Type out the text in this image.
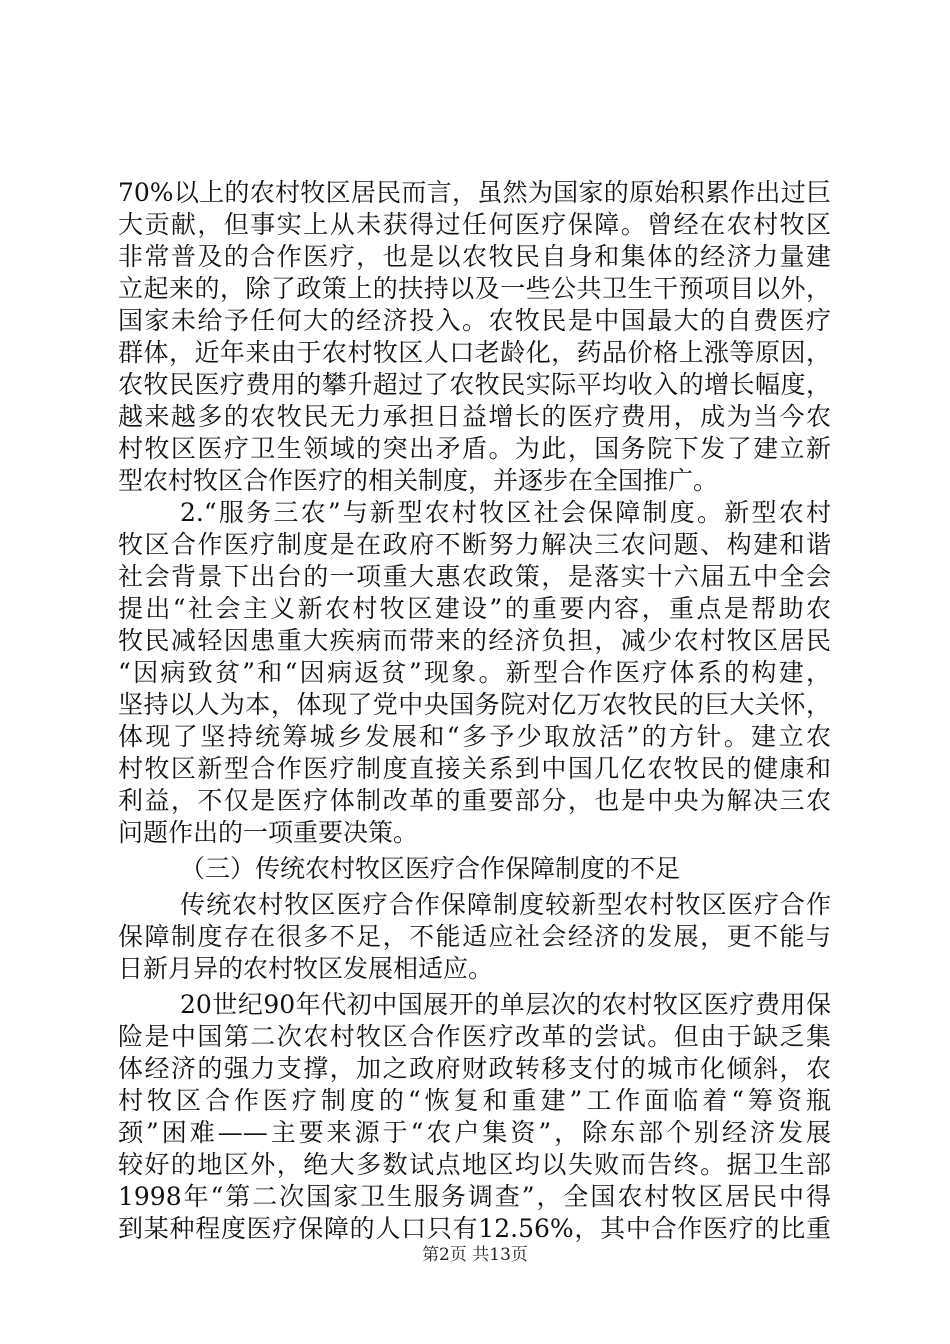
70%以上的农村牧区居民而言，虽然为国家的原始积累作出过巨
大贡献，但事实上从未获得过任何医疗保障。曾经在农村牧区
非常普及的合作医疗，也是以农牧民自身和集体的经济力量建
立起来的，除了政策上的扶持以及一些公共卫生干预项目以外，
国家未给予任何大的经济投入。农牧民是中国最大的自费医疗
群体，近年来由于农村牧区人口老龄化，药品价格上涨等原因，
农牧民医疗费用的攀升超过了农牧民实际平均收入的增长幅度，
越来越多的农牧民无力承担日益增长的医疗费用，成为当今农
村牧区医疗卫生领域的突出矛盾。为此，国务院下发了建立新
型农村牧区合作医疗的相关制度，并逐步在全国推广。
2.“服务三农”与新型农村牧区社会保障制度。新型农村
牧区合作医疗制度是在政府不断努力解决三农问题、构建和谐
社会背景下出台的一项重大惠农政策，是落实十六届五中全会
提出“社会主义新农村牧区建设”的重要内容，重点是帮助农
牧民减轻因患重大疾病而带来的经济负担，减少农村牧区居民
“因病致贫”和“因病返贫”现象。新型合作医疗体系的构建，
坚持以人为本，体现了党中央国务院对亿万农牧民的巨大关怀，
体现了坚持统筹城乡发展和“多予少取放活”的方针。建立农
村牧区新型合作医疗制度直接关系到中国几亿农牧民的健康和
利益，不仅是医疗体制改革的重要部分，也是中央为解决三农
问题作出的一项重要决策。
（三）传统农村牧区医疗合作保障制度的不足
传统农村牧区医疗合作保障制度较新型农村牧区医疗合作
保障制度存在很多不足，不能适应社会经济的发展，更不能与
日新月异的农村牧区发展相适应。
20世纪90年代初中国展开的单层次的农村牧区医疗费用保
险是中国第二次农村牧区合作医疗改革的尝试。但由于缺乏集
体经济的强力支撑，加之政府财政转移支付的城市化倾斜，农
村牧区合作医疗制度的“恢复和重建”工作面临着“筹资瓶
颈”困难——主要来源于“农户集资”，除东部个别经济发展
较好的地区外，绝大多数试点地区均以失败而告终。据卫生部
1998年“第二次国家卫生服务调查”，全国农村牧区居民中得
到某种程度医疗保障的人口只有12.56%，其中合作医疗的比重
第2页 共13页
